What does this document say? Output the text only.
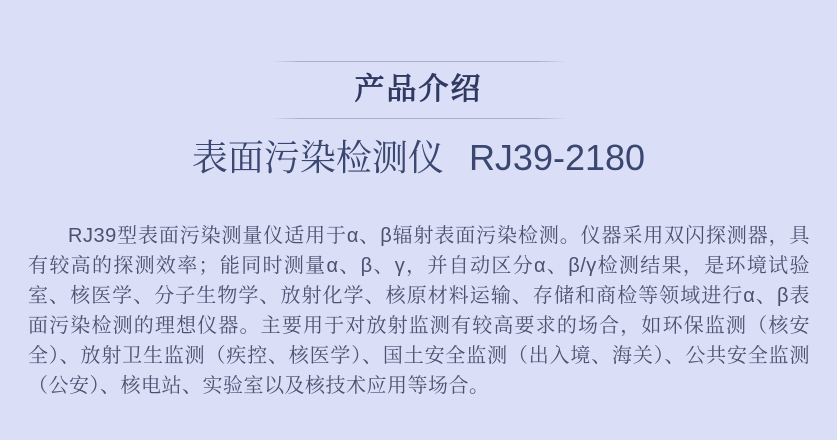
产品介绍
表面污染检测仪 RJ39-2180

RJ39型表面污染测量仪适用于α、β辐射表面污染检测。仪器采用双闪探测器，具有较高的探测效率；能同时测量α、β、γ，并自动区分α、β/γ检测结果，是环境试验室、核医学、分子生物学、放射化学、核原材料运输、存储和商检等领域进行α、β表面污染检测的理想仪器。主要用于对放射监测有较高要求的场合，如环保监测（核安全）、放射卫生监测（疾控、核医学）、国土安全监测（出入境、海关）、公共安全监测（公安）、核电站、实验室以及核技术应用等场合。
